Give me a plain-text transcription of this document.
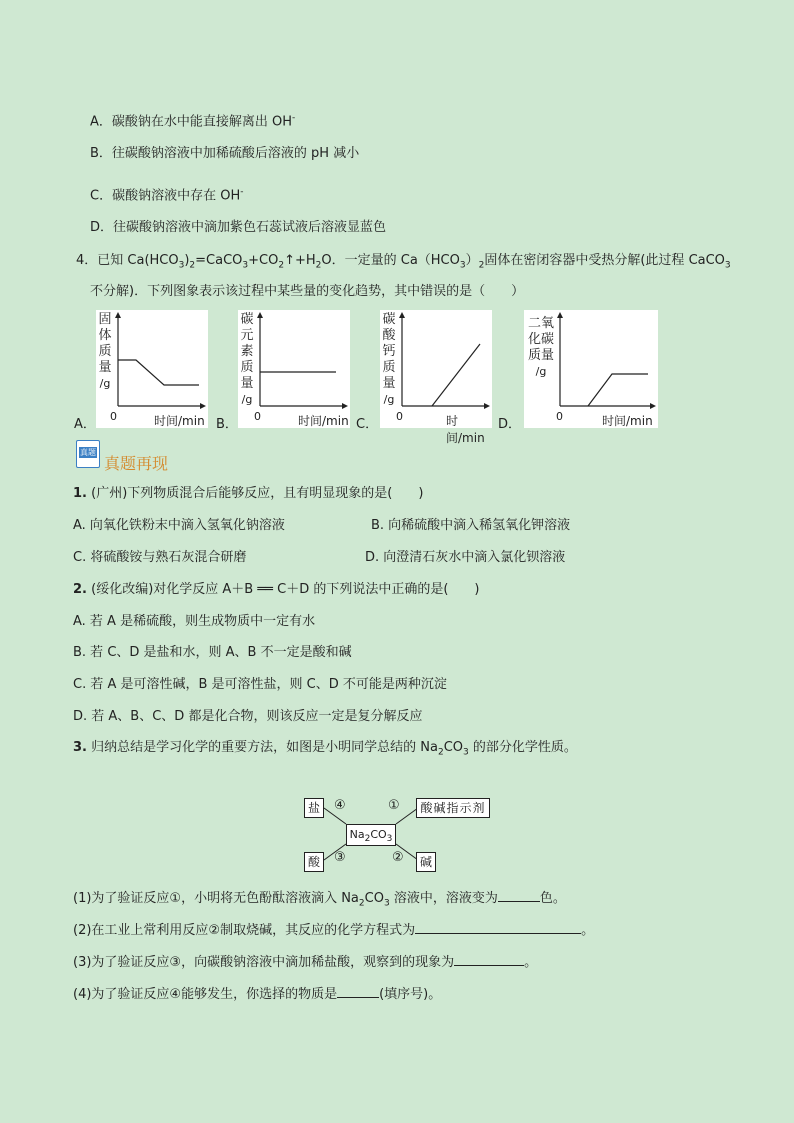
A．碳酸钠在水中能直接解离出 OH-
B．往碳酸钠溶液中加稀硫酸后溶液的 pH 减小
C．碳酸钠溶液中存在 OH-
D．往碳酸钠溶液中滴加紫色石蕊试液后溶液显蓝色
4．已知 $Ca(HCO_3)_2=CaCO_3+CO_2↑+H_2O$．一定量的 $Ca(HCO_3)_2$固体在密闭容器中受热分解(此过程 CaCO$_3$
不分解)．下列图象表示该过程中某些量的变化趋势，其中错误的是（　　）
固
体
质
量
/g
0	时间/min
A．
碳
元
素
质
量
/g
0	时间/min
B．
碳
酸
钙
质
量
/g
0	时间/min
C．	D．
二氧
化碳
质量
/g
0	时间/min
真题
真题再现
1. (广州)下列物质混合后能够反应，且有明显现象的是(　　)
A. 向氧化铁粉末中滴入氢氧化钠溶液	B. 向稀硫酸中滴入稀氢氧化钾溶液
C. 将硫酸铵与熟石灰混合研磨	D. 向澄清石灰水中滴入氯化钡溶液
2. (绥化改编)对化学反应 A＋B ══ C＋D 的下列说法中正确的是(　　)
A. 若 A 是稀硫酸，则生成物质中一定有水
B. 若 C、D 是盐和水，则 A、B 不一定是酸和碱
C. 若 A 是可溶性碱，B 是可溶性盐，则 C、D 不可能是两种沉淀
D. 若 A、B、C、D 都是化合物，则该反应一定是复分解反应
3. 归纳总结是学习化学的重要方法，如图是小明同学总结的 $Na_2CO_3$ 的部分化学性质。
盐
酸
酸碱指示剂
碱
$Na_2CO_3$
④	①
③	②
(1)为了验证反应①，小明将无色酚酞溶液滴入 $Na_2CO_3$ 溶液中，溶液变为	色。
(2)在工业上常利用反应②制取烧碱，其反应的化学方程式为	。
(3)为了验证反应③，向碳酸钠溶液中滴加稀盐酸，观察到的现象为	。
(4)为了验证反应④能够发生，你选择的物质是	(填序号)。
